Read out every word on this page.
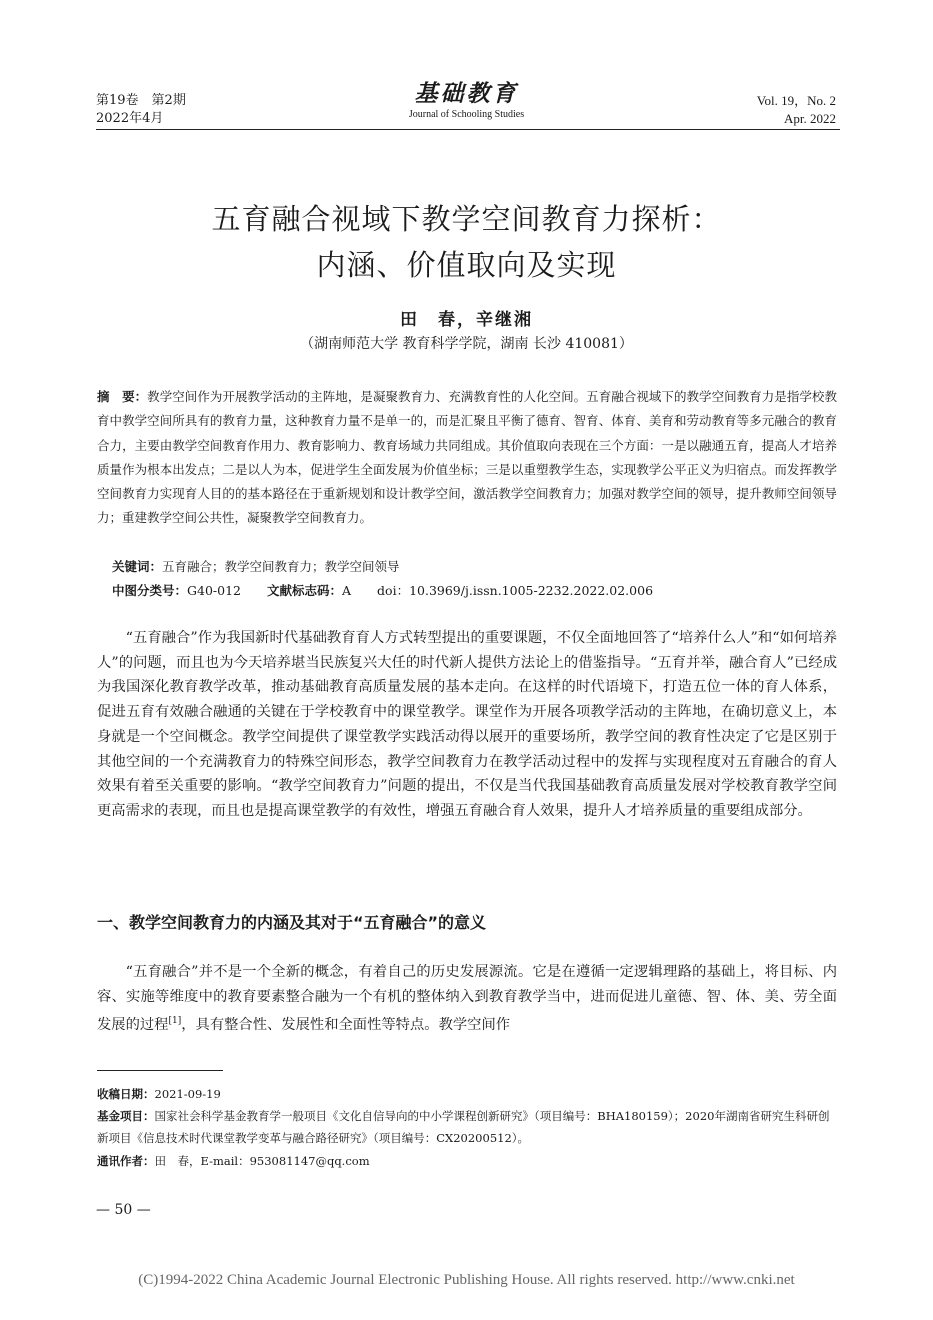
第19卷　第2期
2022年4月
基础教育
Journal of Schooling Studies
Vol. 19，No. 2
Apr. 2022
五育融合视域下教学空间教育力探析：
内涵、价值取向及实现
田　春，辛继湘
（湖南师范大学 教育科学学院，湖南 长沙 410081）
摘　要：教学空间作为开展教学活动的主阵地，是凝聚教育力、充满教育性的人化空间。五育融合视域下的教学空间教育力是指学校教育中教学空间所具有的教育力量，这种教育力量不是单一的，而是汇聚且平衡了德育、智育、体育、美育和劳动教育等多元融合的教育合力，主要由教学空间教育作用力、教育影响力、教育场域力共同组成。其价值取向表现在三个方面：一是以融通五育，提高人才培养质量作为根本出发点；二是以人为本，促进学生全面发展为价值坐标；三是以重塑教学生态，实现教学公平正义为归宿点。而发挥教学空间教育力实现育人目的的基本路径在于重新规划和设计教学空间，激活教学空间教育力；加强对教学空间的领导，提升教师空间领导力；重建教学空间公共性，凝聚教学空间教育力。
关键词：五育融合；教学空间教育力；教学空间领导
中图分类号：G40-012 文献标志码：A doi：10.3969/j.issn.1005-2232.2022.02.006
“五育融合”作为我国新时代基础教育育人方式转型提出的重要课题，不仅全面地回答了“培养什么人”和“如何培养人”的问题，而且也为今天培养堪当民族复兴大任的时代新人提供方法论上的借鉴指导。“五育并举，融合育人”已经成为我国深化教育教学改革，推动基础教育高质量发展的基本走向。在这样的时代语境下，打造五位一体的育人体系，促进五育有效融合融通的关键在于学校教育中的课堂教学。课堂作为开展各项教学活动的主阵地，在确切意义上，本身就是一个空间概念。教学空间提供了课堂教学实践活动得以展开的重要场所，教学空间的教育性决定了它是区别于其他空间的一个充满教育力的特殊空间形态，教学空间教育力在教学活动过程中的发挥与实现程度对五育融合的育人效果有着至关重要的影响。“教学空间教育力”问题的提出，不仅是当代我国基础教育高质量发展对学校教育教学空间更高需求的表现，而且也是提高课堂教学的有效性，增强五育融合育人效果，提升人才培养质量的重要组成部分。
一、教学空间教育力的内涵及其对于“五育融合”的意义
“五育融合”并不是一个全新的概念，有着自己的历史发展源流。它是在遵循一定逻辑理路的基础上，将目标、内容、实施等维度中的教育要素整合融为一个有机的整体纳入到教育教学当中，进而促进儿童德、智、体、美、劳全面发展的过程[1]，具有整合性、发展性和全面性等特点。教学空间作
收稿日期：2021-09-19
基金项目：国家社会科学基金教育学一般项目《文化自信导向的中小学课程创新研究》（项目编号：BHA180159）；2020年湖南省研究生科研创新项目《信息技术时代课堂教学变革与融合路径研究》（项目编号：CX20200512）。
通讯作者：田　春，E-mail：953081147@qq.com
— 50 —
(C)1994-2022 China Academic Journal Electronic Publishing House. All rights reserved. http://www.cnki.net
